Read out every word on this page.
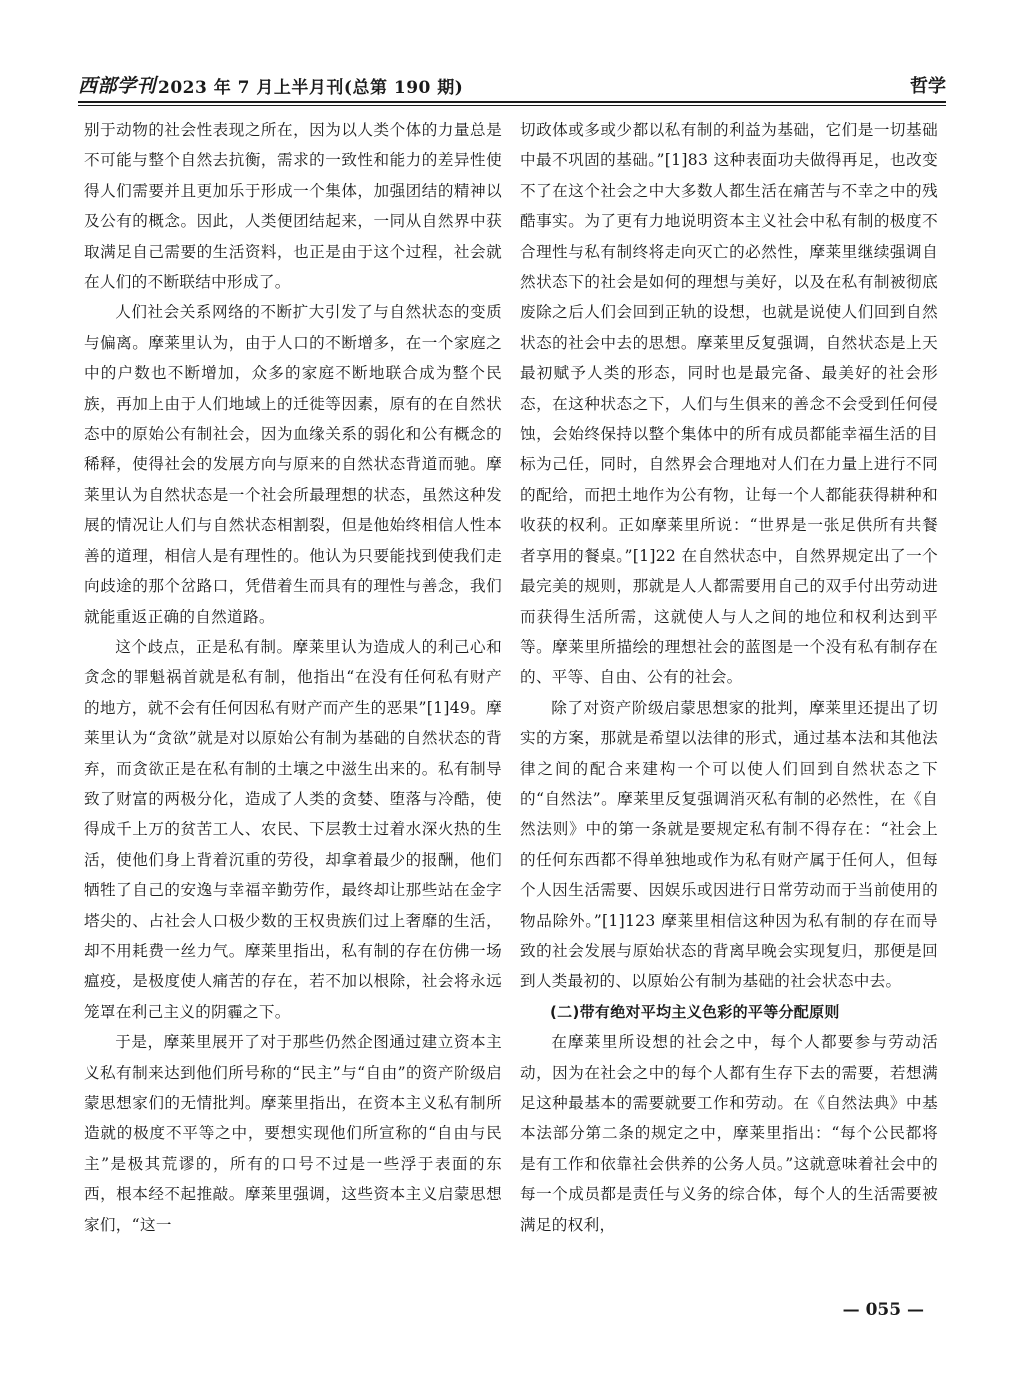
西部学刊 2023 年 7 月上半月刊(总第 190 期)	哲学

别于动物的社会性表现之所在，因为以人类个体的力量总是不可能与整个自然去抗衡，需求的一致性和能力的差异性使得人们需要并且更加乐于形成一个集体，加强团结的精神以及公有的概念。因此，人类便团结起来，一同从自然界中获取满足自己需要的生活资料，也正是由于这个过程，社会就在人们的不断联结中形成了。

人们社会关系网络的不断扩大引发了与自然状态的变质与偏离。摩莱里认为，由于人口的不断增多，在一个家庭之中的户数也不断增加，众多的家庭不断地联合成为整个民族，再加上由于人们地域上的迁徙等因素，原有的在自然状态中的原始公有制社会，因为血缘关系的弱化和公有概念的稀释，使得社会的发展方向与原来的自然状态背道而驰。摩莱里认为自然状态是一个社会所最理想的状态，虽然这种发展的情况让人们与自然状态相割裂，但是他始终相信人性本善的道理，相信人是有理性的。他认为只要能找到使我们走向歧途的那个岔路口，凭借着生而具有的理性与善念，我们就能重返正确的自然道路。

这个歧点，正是私有制。摩莱里认为造成人的利己心和贪念的罪魁祸首就是私有制，他指出“在没有任何私有财产的地方，就不会有任何因私有财产而产生的恶果”[1]49。摩莱里认为“贪欲”就是对以原始公有制为基础的自然状态的背弃，而贪欲正是在私有制的土壤之中滋生出来的。私有制导致了财富的两极分化，造成了人类的贪婪、堕落与冷酷，使得成千上万的贫苦工人、农民、下层教士过着水深火热的生活，使他们身上背着沉重的劳役，却拿着最少的报酬，他们牺牲了自己的安逸与幸福辛勤劳作，最终却让那些站在金字塔尖的、占社会人口极少数的王权贵族们过上奢靡的生活，却不用耗费一丝力气。摩莱里指出，私有制的存在仿佛一场瘟疫，是极度使人痛苦的存在，若不加以根除，社会将永远笼罩在利己主义的阴霾之下。

于是，摩莱里展开了对于那些仍然企图通过建立资本主义私有制来达到他们所号称的“民主”与“自由”的资产阶级启蒙思想家们的无情批判。摩莱里指出，在资本主义私有制所造就的极度不平等之中，要想实现他们所宣称的“自由与民主”是极其荒谬的，所有的口号不过是一些浮于表面的东西，根本经不起推敲。摩莱里强调，这些资本主义启蒙思想家们，“这一

切政体或多或少都以私有制的利益为基础，它们是一切基础中最不巩固的基础。”[1]83 这种表面功夫做得再足，也改变不了在这个社会之中大多数人都生活在痛苦与不幸之中的残酷事实。为了更有力地说明资本主义社会中私有制的极度不合理性与私有制终将走向灭亡的必然性，摩莱里继续强调自然状态下的社会是如何的理想与美好，以及在私有制被彻底废除之后人们会回到正轨的设想，也就是说使人们回到自然状态的社会中去的思想。摩莱里反复强调，自然状态是上天最初赋予人类的形态，同时也是最完备、最美好的社会形态，在这种状态之下，人们与生俱来的善念不会受到任何侵蚀，会始终保持以整个集体中的所有成员都能幸福生活的目标为己任，同时，自然界会合理地对人们在力量上进行不同的配给，而把土地作为公有物，让每一个人都能获得耕种和收获的权利。正如摩莱里所说：“世界是一张足供所有共餐者享用的餐桌。”[1]22 在自然状态中，自然界规定出了一个最完美的规则，那就是人人都需要用自己的双手付出劳动进而获得生活所需，这就使人与人之间的地位和权利达到平等。摩莱里所描绘的理想社会的蓝图是一个没有私有制存在的、平等、自由、公有的社会。

除了对资产阶级启蒙思想家的批判，摩莱里还提出了切实的方案，那就是希望以法律的形式，通过基本法和其他法律之间的配合来建构一个可以使人们回到自然状态之下的“自然法”。摩莱里反复强调消灭私有制的必然性，在《自然法则》中的第一条就是要规定私有制不得存在：“社会上的任何东西都不得单独地或作为私有财产属于任何人，但每个人因生活需要、因娱乐或因进行日常劳动而于当前使用的物品除外。”[1]123 摩莱里相信这种因为私有制的存在而导致的社会发展与原始状态的背离早晚会实现复归，那便是回到人类最初的、以原始公有制为基础的社会状态中去。

(二)带有绝对平均主义色彩的平等分配原则

在摩莱里所设想的社会之中，每个人都要参与劳动活动，因为在社会之中的每个人都有生存下去的需要，若想满足这种最基本的需要就要工作和劳动。在《自然法典》中基本法部分第二条的规定之中，摩莱里指出：“每个公民都将是有工作和依靠社会供养的公务人员。”这就意味着社会中的每一个成员都是责任与义务的综合体，每个人的生活需要被满足的权利，

— 055 —
